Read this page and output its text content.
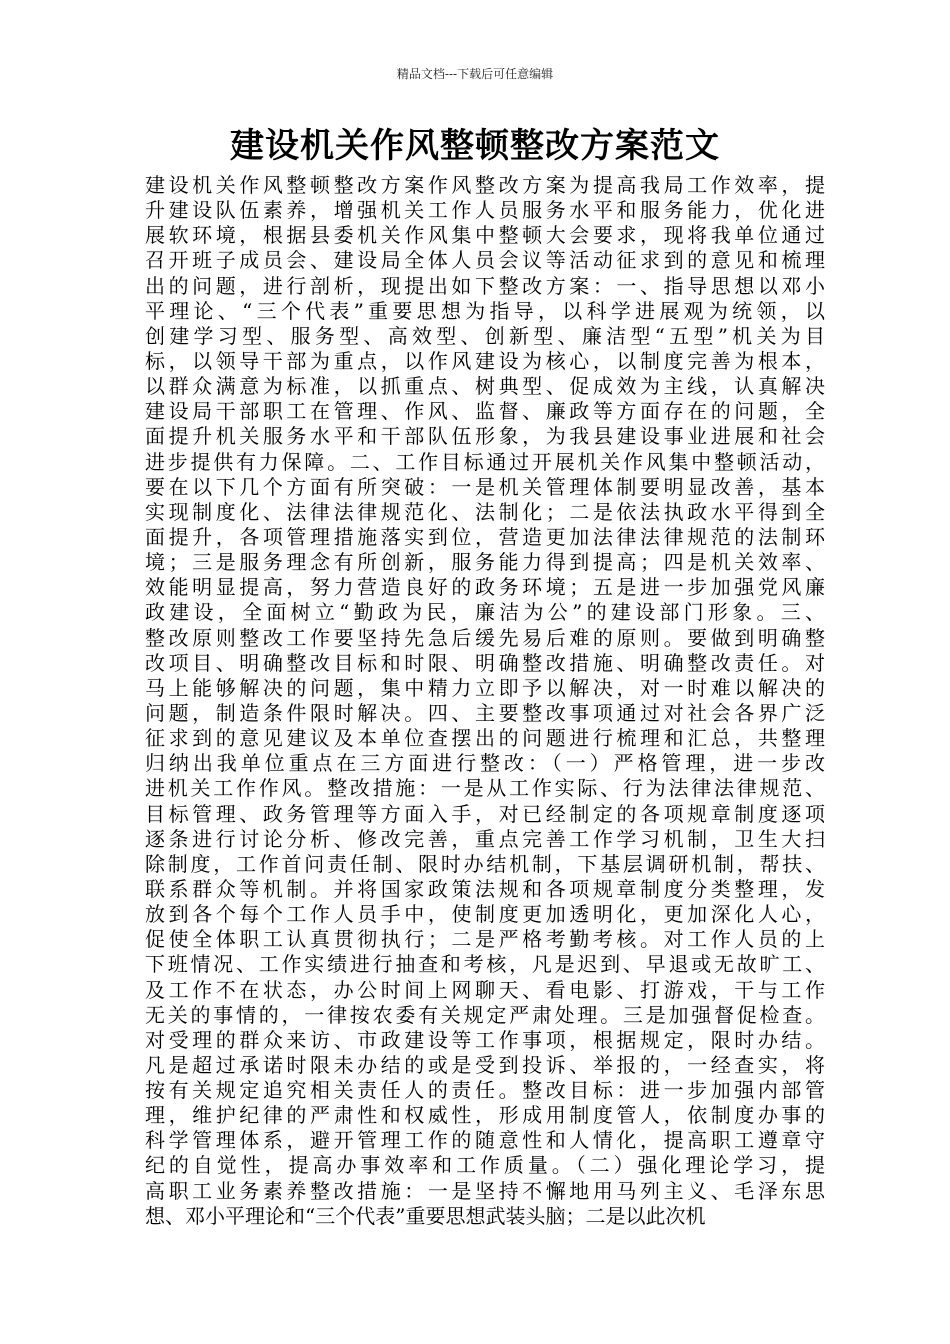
精品文档---下载后可任意编辑
建设机关作风整顿整改方案范文
建设机关作风整顿整改方案作风整改方案为提高我局工作效率，提
升建设队伍素养，增强机关工作人员服务水平和服务能力，优化进
展软环境，根据县委机关作风集中整顿大会要求，现将我单位通过
召开班子成员会、建设局全体人员会议等活动征求到的意见和梳理
出的问题，进行剖析，现提出如下整改方案：一、指导思想以邓小
平理论、“三个代表”重要思想为指导，以科学进展观为统领，以
创建学习型、服务型、高效型、创新型、廉洁型“五型”机关为目
标，以领导干部为重点，以作风建设为核心，以制度完善为根本，
以群众满意为标准，以抓重点、树典型、促成效为主线，认真解决
建设局干部职工在管理、作风、监督、廉政等方面存在的问题，全
面提升机关服务水平和干部队伍形象，为我县建设事业进展和社会
进步提供有力保障。二、工作目标通过开展机关作风集中整顿活动，
要在以下几个方面有所突破：一是机关管理体制要明显改善，基本
实现制度化、法律法律规范化、法制化；二是依法执政水平得到全
面提升，各项管理措施落实到位，营造更加法律法律规范的法制环
境；三是服务理念有所创新，服务能力得到提高；四是机关效率、
效能明显提高，努力营造良好的政务环境；五是进一步加强党风廉
政建设，全面树立“勤政为民，廉洁为公”的建设部门形象。三、
整改原则整改工作要坚持先急后缓先易后难的原则。要做到明确整
改项目、明确整改目标和时限、明确整改措施、明确整改责任。对
马上能够解决的问题，集中精力立即予以解决，对一时难以解决的
问题，制造条件限时解决。四、主要整改事项通过对社会各界广泛
征求到的意见建议及本单位查摆出的问题进行梳理和汇总，共整理
归纳出我单位重点在三方面进行整改：（一）严格管理，进一步改
进机关工作作风。整改措施：一是从工作实际、行为法律法律规范、
目标管理、政务管理等方面入手，对已经制定的各项规章制度逐项
逐条进行讨论分析、修改完善，重点完善工作学习机制，卫生大扫
除制度，工作首问责任制、限时办结机制，下基层调研机制，帮扶、
联系群众等机制。并将国家政策法规和各项规章制度分类整理，发
放到各个每个工作人员手中，使制度更加透明化，更加深化人心，
促使全体职工认真贯彻执行；二是严格考勤考核。对工作人员的上
下班情况、工作实绩进行抽查和考核，凡是迟到、早退或无故旷工、
及工作不在状态，办公时间上网聊天、看电影、打游戏，干与工作
无关的事情的，一律按农委有关规定严肃处理。三是加强督促检查。
对受理的群众来访、市政建设等工作事项，根据规定，限时办结。
凡是超过承诺时限未办结的或是受到投诉、举报的，一经查实，将
按有关规定追究相关责任人的责任。整改目标：进一步加强内部管
理，维护纪律的严肃性和权威性，形成用制度管人，依制度办事的
科学管理体系，避开管理工作的随意性和人情化，提高职工遵章守
纪的自觉性，提高办事效率和工作质量。（二）强化理论学习，提
高职工业务素养整改措施：一是坚持不懈地用马列主义、毛泽东思
想、邓小平理论和“三个代表”重要思想武装头脑；二是以此次机
